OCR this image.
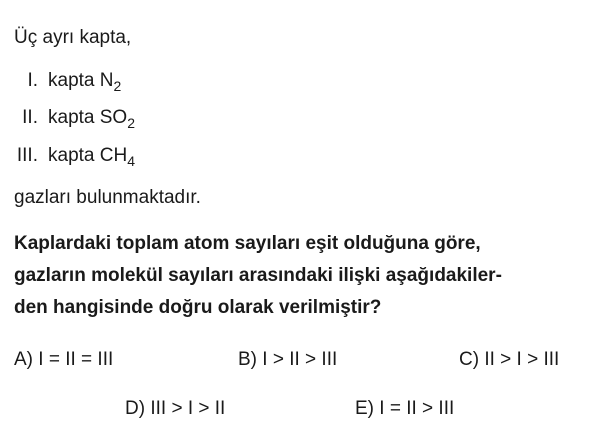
Üç ayrı kapta,
I. kapta $N_2$
II. kapta $SO_2$
III. kapta $CH_4$
gazları bulunmaktadır.
Kaplardaki toplam atom sayıları eşit olduğuna göre,
gazların molekül sayıları arasındaki ilişki aşağıdakiler-
den hangisinde doğru olarak verilmiştir?
A) I = II = III	B) I > II > III	C) II > I > III
D) III > I > II	E) I = II > III
